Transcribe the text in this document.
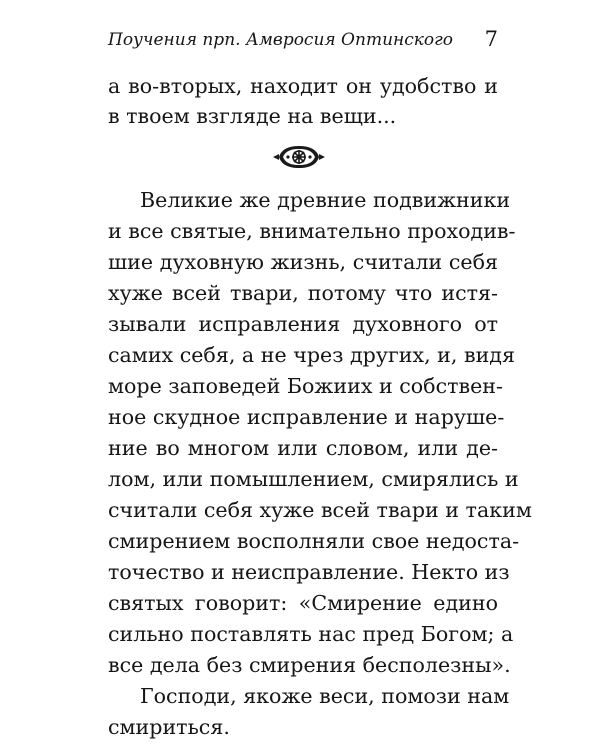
Поучения прп. Амвросия Оптинского 7
а во-вторых, находит он удобство и
в твоем взгляде на вещи...
Великие же древние подвижники
и все святые, внимательно проходив-
шие духовную жизнь, считали себя
хуже всей твари, потому что истя-
зывали исправления духовного от
самих себя, а не чрез других, и, видя
море заповедей Божиих и собствен-
ное скудное исправление и наруше-
ние во многом или словом, или де-
лом, или помышлением, смирялись и
считали себя хуже всей твари и таким
смирением восполняли свое недоста-
точество и неисправление. Некто из
святых говорит: «Смирение едино
сильно поставлять нас пред Богом; а
все дела без смирения бесполезны».
Господи, якоже веси, помози нам
смириться.
